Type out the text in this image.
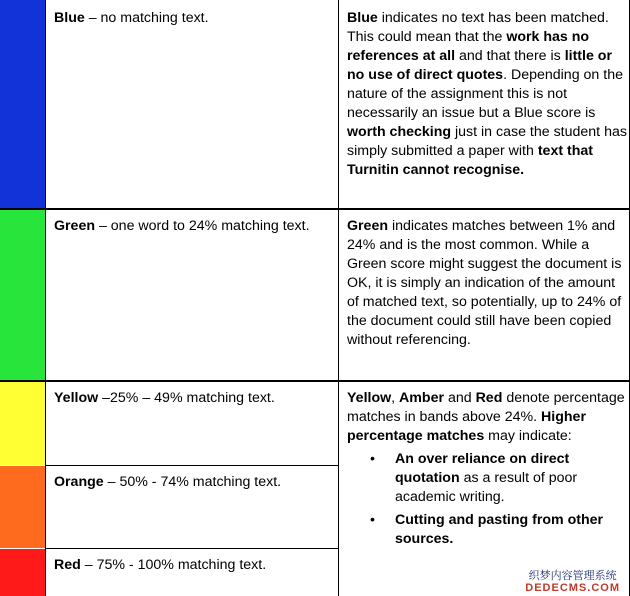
Blue – no matching text.	Blue indicates no text has been matched. This could mean that the work has no references at all and that there is little or no use of direct quotes. Depending on the nature of the assignment this is not necessarily an issue but a Blue score is worth checking just in case the student has simply submitted a paper with text that Turnitin cannot recognise.
Green – one word to 24% matching text.	Green indicates matches between 1% and 24% and is the most common. While a Green score might suggest the document is OK, it is simply an indication of the amount of matched text, so potentially, up to 24% of the document could still have been copied without referencing.
Yellow –25% – 49% matching text.
Orange – 50% - 74% matching text.
Red – 75% - 100% matching text.
Yellow, Amber and Red denote percentage matches in bands above 24%. Higher percentage matches may indicate:
• An over reliance on direct quotation as a result of poor academic writing.
• Cutting and pasting from other sources.
织梦内容管理系统
DEDECMS.COM
